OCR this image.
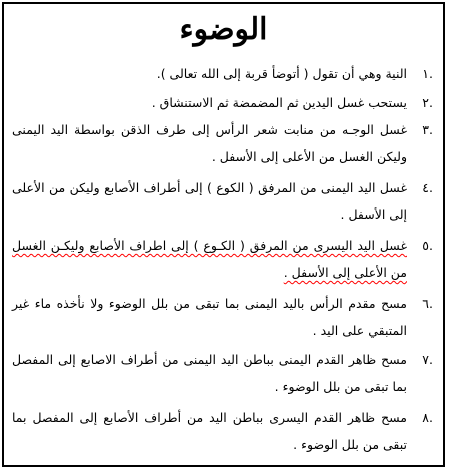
الوضوء
.١
النية وهي أن تقول ( أتوضأ قربة إلى الله تعالى ).
.٢
يستحب غسل اليدين ثم المضمضة ثم الاستنشاق .
.٣
غسل الوجـه من منابت شعر الرأس إلى طرف الذقن بواسطة اليد اليمنى وليكن الغسل من الأعلى إلى الأسفل .
.٤
غسل اليد اليمنى من المرفق ( الكوع ) إلى أطراف الأصابع وليكن من الأعلى إلى الأسفل .
.٥
غسل اليد اليسرى من المرفق ( الكـوع ) إلى اطراف الأصابع وليكـن الغسل من الأعلى إلى الأسفل .
.٦
مسح مقدم الرأس باليد اليمنى بما تبقى من بلل الوضوء ولا نأخذه ماء غير المتبقي على اليد .
.٧
مسح ظاهر القدم اليمنى بباطن اليد اليمنى من أطراف الاصابع إلى المفصل بما تبقى من بلل الوضوء .
.٨
مسح ظاهر القدم اليسرى بباطن اليد من أطراف الأصابع إلى المفصل بما تبقى من بلل الوضوء .
